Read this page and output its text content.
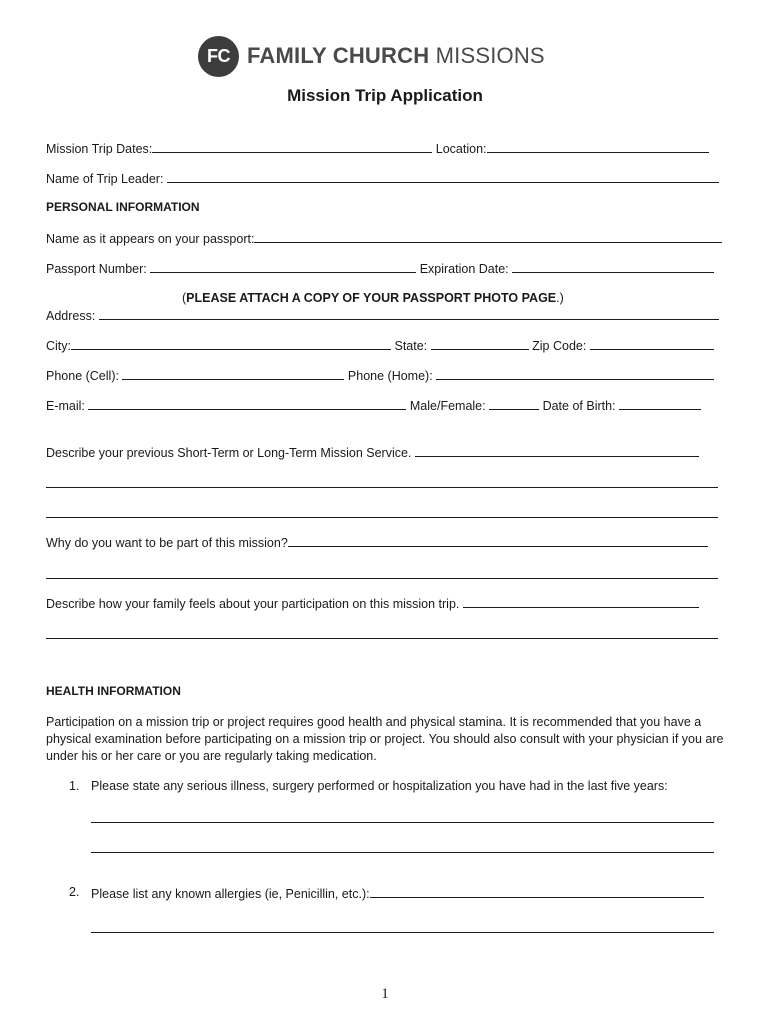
FC FAMILY CHURCH MISSIONS
Mission Trip Application
Mission Trip Dates:	Location:
Name of Trip Leader:
PERSONAL INFORMATION
Name as it appears on your passport:
Passport Number:	Expiration Date:
(PLEASE ATTACH A COPY OF YOUR PASSPORT PHOTO PAGE.)
Address:
City:	State:	Zip Code:
Phone (Cell):	Phone (Home):
E-mail:	Male/Female:	Date of Birth:
Describe your previous Short-Term or Long-Term Mission Service.
Why do you want to be part of this mission?
Describe how your family feels about your participation on this mission trip.
HEALTH INFORMATION
Participation on a mission trip or project requires good health and physical stamina. It is recommended that you have a physical examination before participating on a mission trip or project. You should also consult with your physician if you are under his or her care or you are regularly taking medication.
1. Please state any serious illness, surgery performed or hospitalization you have had in the last five years:
2. Please list any known allergies (ie, Penicillin, etc.):
1
